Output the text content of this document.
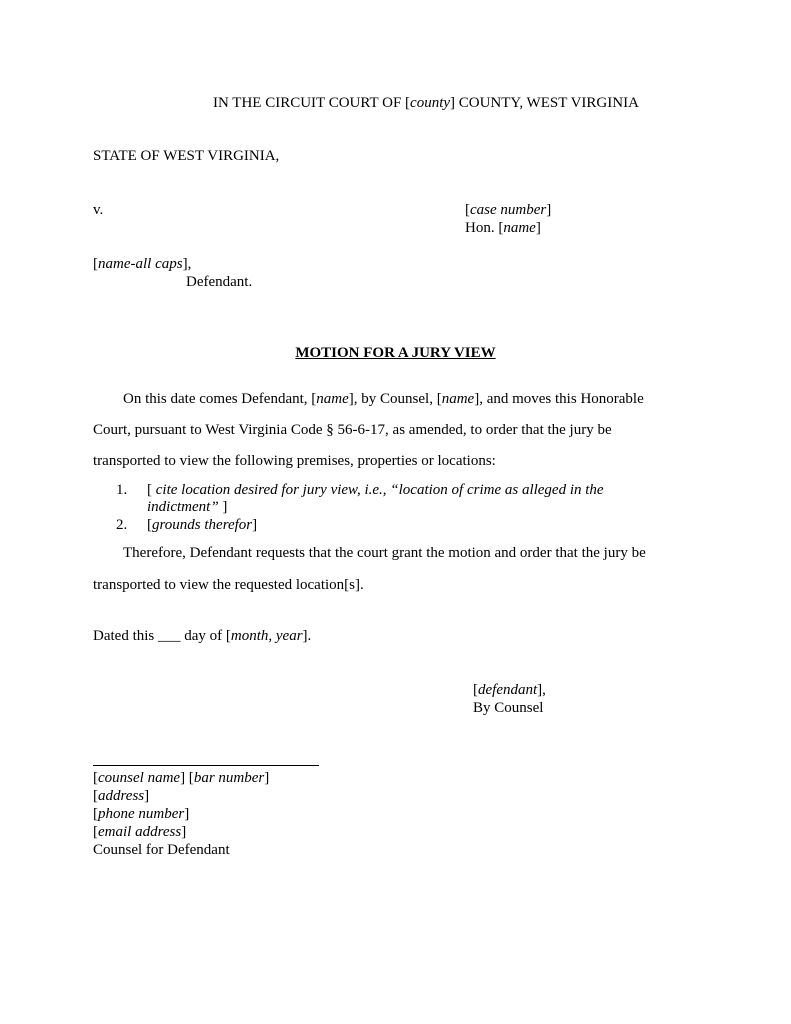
IN THE CIRCUIT COURT OF [county] COUNTY, WEST VIRGINIA
STATE OF WEST VIRGINIA,
v.	[case number]
Hon. [name]
[name-all caps],
Defendant.
MOTION FOR A JURY VIEW
On this date comes Defendant, [name], by Counsel, [name], and moves this Honorable
Court, pursuant to West Virginia Code § 56-6-17, as amended, to order that the jury be
transported to view the following premises, properties or locations:
1. [ cite location desired for jury view, i.e., “location of crime as alleged in the
indictment” ]
2. [grounds therefor]
Therefore, Defendant requests that the court grant the motion and order that the jury be
transported to view the requested location[s].
Dated this ___ day of [month, year].
[defendant],
By Counsel
[counsel name] [bar number]
[address]
[phone number]
[email address]
Counsel for Defendant
